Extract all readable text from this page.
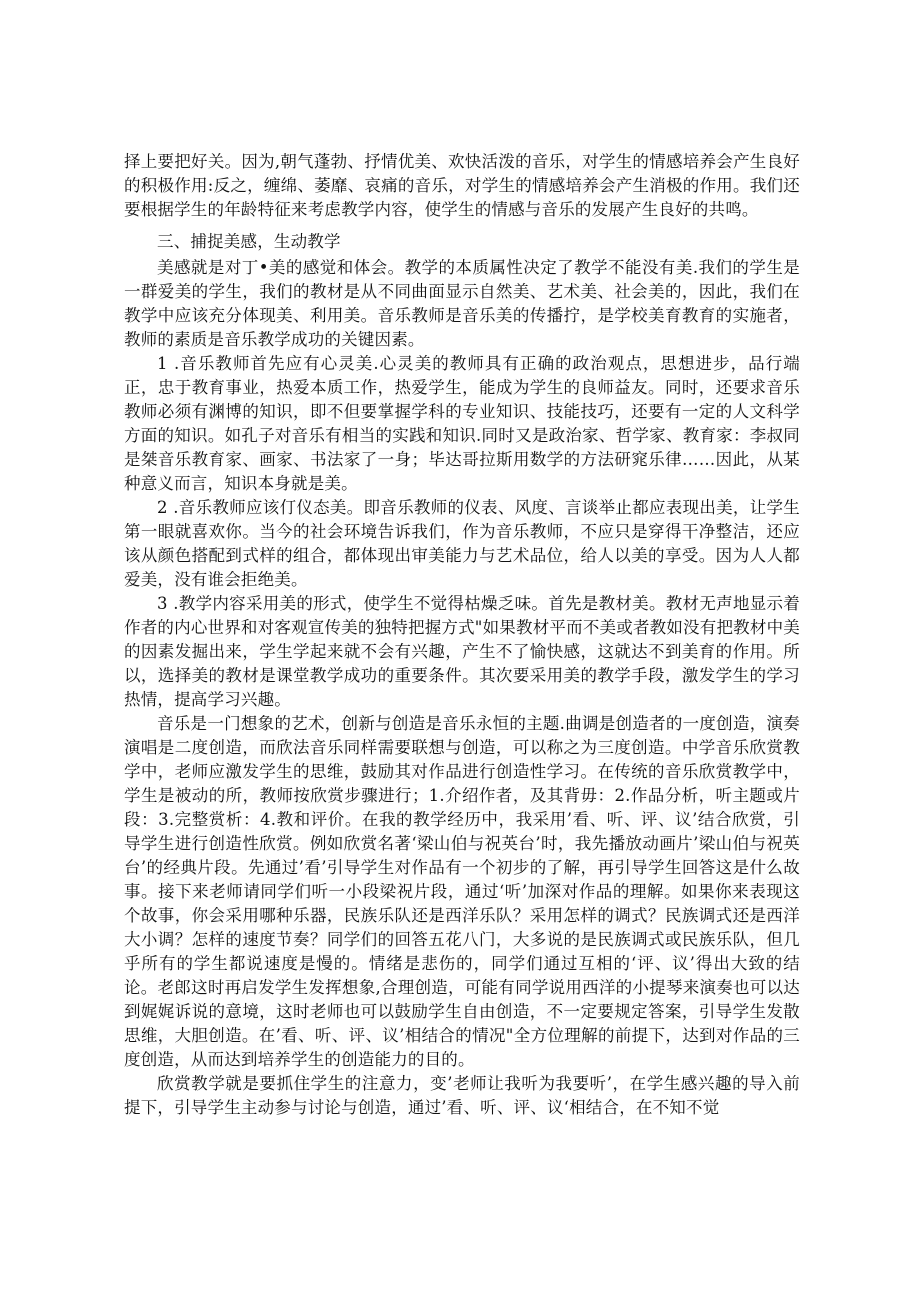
择上要把好关。因为,朝气蓬勃、抒情优美、欢快活泼的音乐，对学生的情感培养会产生良好的积极作用:反之，缠绵、萎靡、哀痛的音乐，对学生的情感培养会产生消极的作用。我们还要根据学生的年龄特征来考虑教学内容，使学生的情感与音乐的发展产生良好的共鸣。

三、捕捉美感，生动教学

美感就是对丁•美的感觉和体会。教学的本质属性决定了教学不能没有美.我们的学生是一群爱美的学生，我们的教材是从不同曲面显示自然美、艺术美、社会美的，因此，我们在教学中应该充分体现美、利用美。音乐教师是音乐美的传播拧，是学校美育教育的实施者，教师的素质是音乐教学成功的关键因素。

1 .音乐教师首先应有心灵美.心灵美的教师具有正确的政治观点，思想进步，品行端正，忠于教育事业，热爱本质工作，热爱学生，能成为学生的良师益友。同时，还要求音乐教师必须有渊博的知识，即不但要掌握学科的专业知识、技能技巧，还要有一定的人文科学方面的知识。如孔子对音乐有相当的实践和知识.同时又是政治家、哲学家、教育家：李叔同是桀音乐教育家、画家、书法家了一身；毕达哥拉斯用数学的方法研窕乐律……因此，从某种意义而言，知识本身就是美。

2 .音乐教师应该仃仪态美。即音乐教师的仪表、风度、言谈举止都应表现出美，让学生第一眼就喜欢你。当今的社会环境告诉我们，作为音乐教师，不应只是穿得干净整洁，还应该从颜色搭配到式样的组合，都体现出审美能力与艺术品位，给人以美的享受。因为人人都爱美，没有谁会拒绝美。

3 .教学内容采用美的形式，使学生不觉得枯燥乏味。首先是教材美。教材无声地显示着作者的内心世界和对客观宣传美的独特把握方式"如果教材平而不美或者教如没有把教材中美的因素发掘出来，学生学起来就不会有兴趣，产生不了愉快感，这就达不到美育的作用。所以，选择美的教材是课堂教学成功的重要条件。其次要采用美的教学手段，激发学生的学习热情，提高学习兴趣。

音乐是一门想象的艺术，创新与创造是音乐永恒的主题.曲调是创造者的一度创造，演奏演唱是二度创造，而欣法音乐同样需要联想与创造，可以称之为三度创造。中学音乐欣赏教学中，老师应激发学生的思维，鼓励其对作品进行创造性学习。在传统的音乐欣赏教学中，学生是被动的所，教师按欣赏步骤进行；1.介绍作者，及其背毋：2.作品分析，听主题或片段：3.完整赏析：4.教和评价。在我的教学经历中，我采用’看、听、评、议’结合欣赏，引导学生进行创造性欣赏。例如欣赏名著‘梁山伯与祝英台’时，我先播放动画片’梁山伯与祝英台’的经典片段。先通过’看’引导学生对作品有一个初步的了解，再引导学生回答这是什么故事。接下来老师请同学们听一小段梁祝片段，通过‘听’加深对作品的理解。如果你来表现这个故事，你会采用哪种乐器，民族乐队还是西洋乐队？采用怎样的调式？民族调式还是西洋大小调？怎样的速度节奏？同学们的回答五花八门，大多说的是民族调式或民族乐队，但几乎所有的学生都说速度是慢的。情绪是悲伤的，同学们通过互相的‘评、议’得出大致的结论。老郎这时再启发学生发挥想象,合理创造，可能有同学说用西洋的小提琴来演奏也可以达到娓娓诉说的意境，这时老师也可以鼓励学生自由创造，不一定要规定答案，引导学生发散思维，大胆创造。在’看、听、评、议’相结合的情况"全方位理解的前提下，达到对作品的三度创造，从而达到培养学生的创造能力的目的。

欣赏教学就是要抓住学生的注意力，变’老师让我听为我要听’，在学生感兴趣的导入前提下，引导学生主动参与讨论与创造，通过’看、听、评、议‘相结合，在不知不觉
